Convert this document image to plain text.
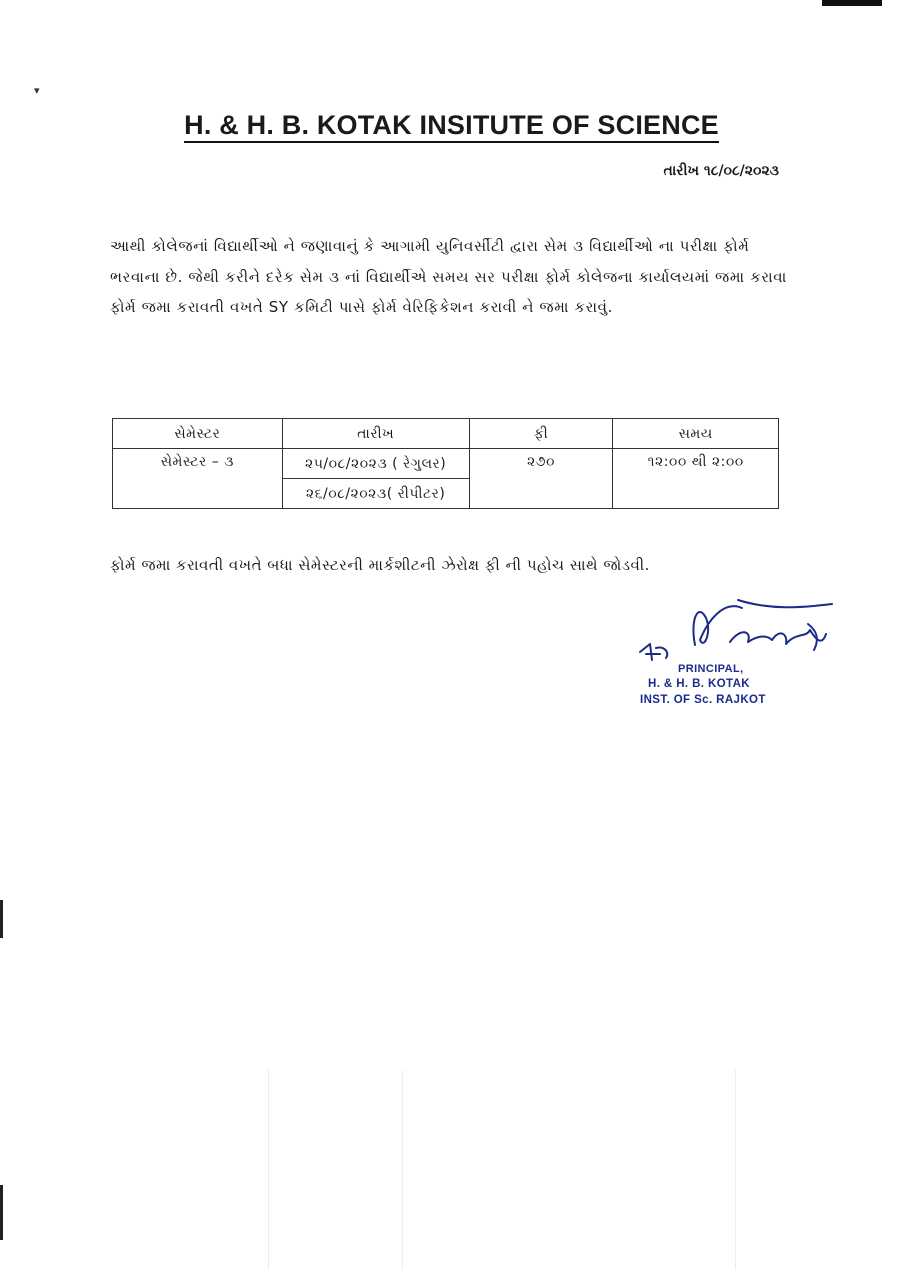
▾
H. & H. B. KOTAK INSITUTE OF SCIENCE
તારીખ ૧૮/૦૮/૨૦૨૩
આથી કોલેજનાં વિદ્યાર્થીઓ ને જણાવાનું કે આગામી યુનિવર્સીટી દ્વારા સેમ ૩ વિદ્યાર્થીઓ ના પરીક્ષા ફોર્મ ભરવાના છે. જેથી કરીને દરેક સેમ ૩ નાં વિદ્યાર્થીએ સમય સર પરીક્ષા ફોર્મ કોલેજના કાર્યાલયમાં જમા કરાવા ફોર્મ જમા કરાવતી વખતે SY કમિટી પાસે ફોર્મ વેરિફિકેશન કરાવી ને જમા કરાવું.
સેમેસ્ટર	તારીખ	ફી	સમય
સેમેસ્ટર – ૩	૨૫/૦૮/૨૦૨૩ ( રેગુલર)	૨૭૦	૧૨:૦૦ થી ૨:૦૦
	૨૬/૦૮/૨૦૨૩( રીપીટર)		
ફોર્મ જમા કરાવતી વખતે બધા સેમેસ્ટરની માર્કશીટની ઝેરોક્ષ ફી ની પહોચ સાથે જોડવી.
PRINCIPAL,
H. & H. B. KOTAK
INST. OF Sc. RAJKOT
